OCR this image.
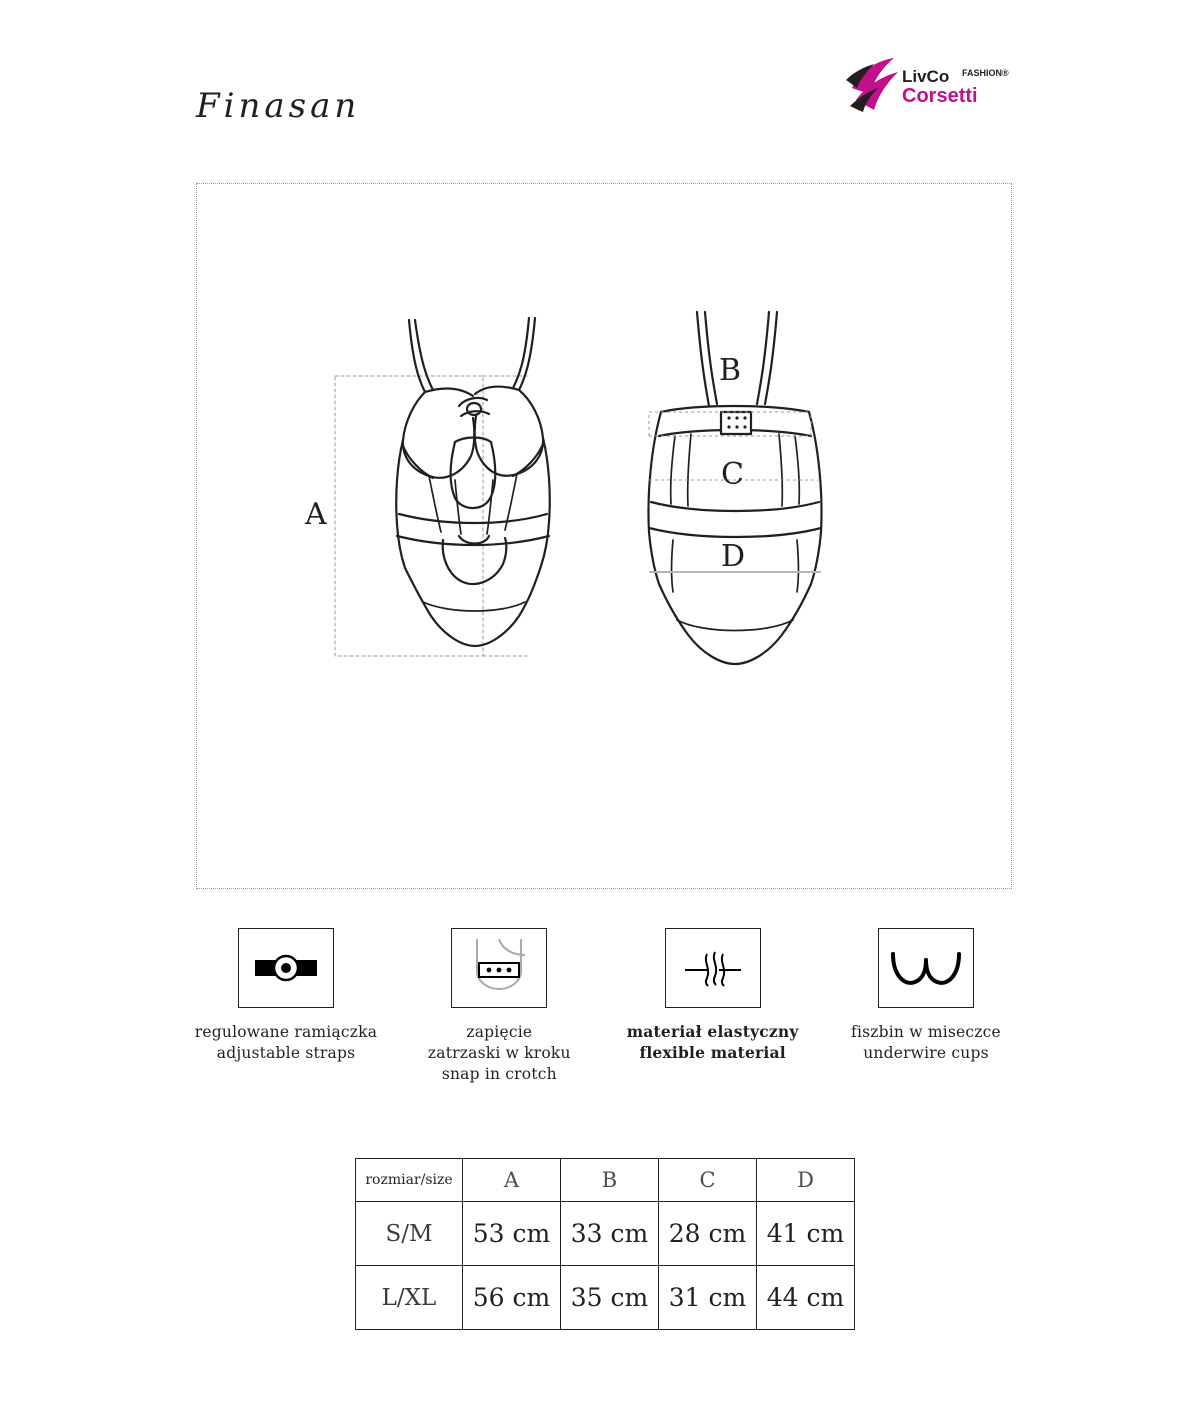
Finasan
LivCo FASHION®
Corsetti
A
B
C
D
regulowane ramiączka
adjustable straps
zapięcie
zatrzaski w kroku
snap in crotch
materiał elastyczny
flexible material
fiszbin w miseczce
underwire cups
rozmiar/size	A	B	C	D
S/M	53 cm	33 cm	28 cm	41 cm
L/XL	56 cm	35 cm	31 cm	44 cm
